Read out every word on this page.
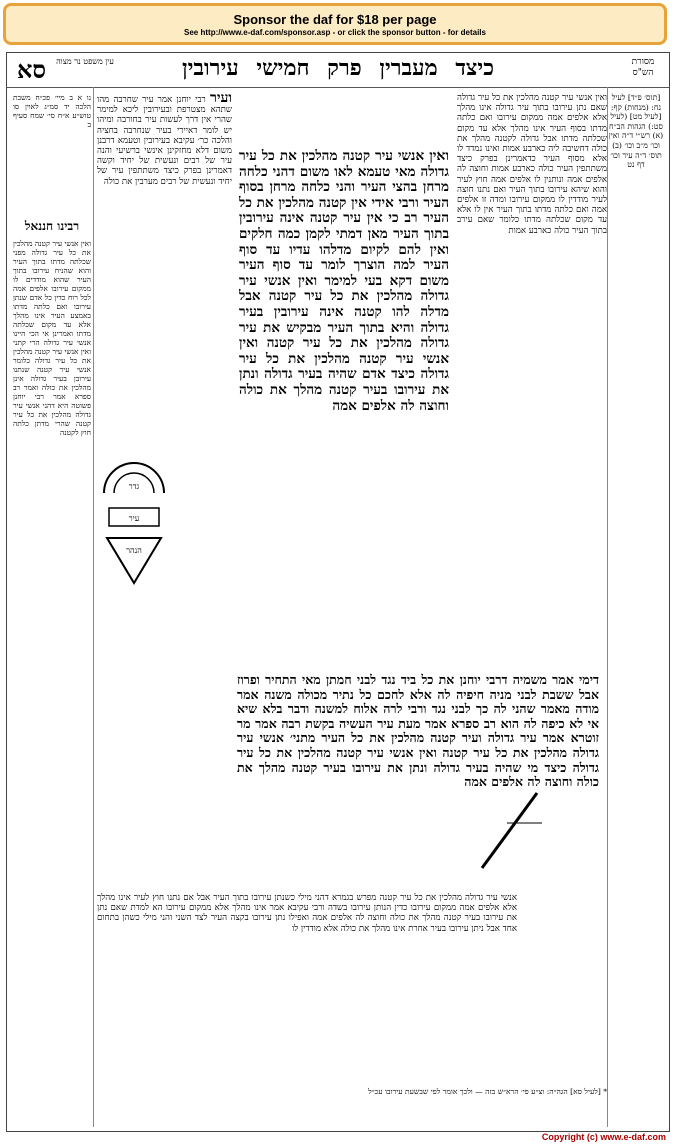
Sponsor the daf for $18 per page
See http://www.e-daf.com/sponsor.asp - or click the sponsor button - for details
סא	כיצד מעברין פרק חמישי עירובין	מסורת הש"ס
עין משפט נר מצוה
[תוס׳ פ״ד] לעיל נח: (מנחות) קף: [לעיל מט] (לעיל סט:) הגהות הב״ח (א) רש״י ד״ה ואין וכו׳ מ״ב וכו׳ (ב) תוס׳ ד״ה עיר וכו׳ דף נט
ואין אנשי עיר קטנה מהלכין את כל עיר גדולה שאם נתן עירובו בתוך עיר גדולה אינו מהלך אלא אלפים אמה ממקום עירובו ואם כלתה מדתו בסוף העיר אינו מהלך אלא עד מקום שכלתה מדתו אבל גדולה לקטנה מהלך את כולה דחשיבה ליה כארבע אמות ואינו נמדד לו אלא מסוף העיר כדאמרינן בפרק כיצד משתתפין העיר כולה כארבע אמות וחוצה לה אלפים אמה ונותנין לו אלפים אמה חוץ לעיר והוא שיהא עירובו בתוך העיר ואם נתנו חוצה לעיר מודדין לו ממקום עירובו ומדה זו אלפים אמה ואם כלתה מדתו בתוך העיר אין לו אלא עד מקום שכלתה מדתו כלומר שאם עירב בתוך העיר כולה כארבע אמות
ואין אנשי עיר קטנה מהלכין את כל עיר גדולה מאי טעמא לאו משום דהני כלחה מרחן בהצי העיר והני כלחה מרחן בסוף העיר ורבי אידי אין קטנה מהלכין את כל העיר רב כי אין עיר קטנה אינה עירובין בתוך העיר מאן דמתי לקמן כמה חלקים ואין להם לקיום מדלהו עדיו עד סוף העיר למה הוצרך לומר עד סוף העיר משום דקא בעי למימר ואין אנשי עיר גדולה מהלכין את כל עיר קטנה אבל מדלה להו קטנה אינה עירובין בעיר גדולה והיא בתוך העיר מבקיש את עיר גדולה מהלכין את כל עיר קטנה ואין אנשי עיר קטנה מהלכין את כל עיר גדולה כיצד אדם שהיה בעיר גדולה ונתן את עירובו בעיר קטנה מהלך את כולה וחוצה לה אלפים אמה
ועיר רבי יוחנן אמר עיר שחרבה מהו שתהא מצטרפת ובעירובין ליכא למימר שהרי אין דרך לעשות עיר בחורבה ומיהו יש לומר דאיירי בעיר שנחרבה בחציה והלכה כר׳ עקיבא בעירובין וטעמא דרבנן משום דלא מחזקינן אינשי ברשיעי והנה עיר של רבים ונעשית של יחיד וקשה דאמרינן בפרק כיצד משתתפין עיר של יחיד ונעשית של רבים מערבין את כולה
גדר
עיר
הנהר
דימי אמר משמיה דרבי יוחנן את כל ביד נגד לבני חמתן מאי התחיר ופרוז אבל ששבת לבני מניה חיפיה לה אלא לחכם כל נתיר מכולה משנה אמר מודה מאמר שהני לה כך לבני נגד ורבי לרה אלוח למשנה ודבר בלא שיא אי לא כיפה לה הוא רב ספרא אמר מעת עיר העשיה בקשת רבה אמר מר זוטרא אמר עיר גדולה ועיר קטנה מהלכין את כל העיר מתני׳ אנשי עיר גדולה מהלכין את כל עיר קטנה ואין אנשי עיר קטנה מהלכין את כל עיר גדולה כיצד מי שהיה בעיר גדולה ונתן את עירובו בעיר קטנה מהלך את כולה וחוצה לה אלפים אמה
אנשי עיר גדולה מהלכין את כל עיר קטנה מפרש בגמרא דהני מילי כשנתן עירובו בתוך העיר אבל אם נתנו חוץ לעיר אינו מהלך אלא אלפים אמה ממקום עירובו כדין הנותן עירובו בשדה ורבי עקיבא אמר אינו מהלך אלא ממקום עירובו הא למדת שאם נתן את עירובו בעיר קטנה מהלך את כולה וחוצה לה אלפים אמה ואפילו נתן עירובו בקצה העיר לצד השני והני מילי כשהן בתחום אחד אבל ניתן עירובו בעיר אחרת אינו מהלך את כולה אלא מודדין לו
נו א ב מיי׳ פכ״ח משבת הלכה יד סמ״ג לאוין סו טוש״ע א״ח סי׳ שמח סעיף ב
רבינו חננאל
ואין אנשי עיר קטנה מהלכין את כל עיר גדולה מפני שכלתה מדתו בתוך העיר והוא שהניח עירובו בתוך העיר שהוא מודדים לו ממקום עירובו אלפים אמה לכל רוח כדין כל אדם שנתן עירובו ואם כלתה מדתו באמצע העיר אינו מהלך אלא עד מקום שכלתה מדתו ואמרינן אי הכי היינו אנשי עיר גדולה הרי קתני ואין אנשי עיר קטנה מהלכין את כל עיר גדולה כלומר אנשי עיר קטנה שנתנו עירובן בעיר גדולה אינן מהלכין את כולה ואמר רב ספרא אמר רבי יוחנן פשוטה היא דהני אנשי עיר גדולה מהלכין את כל עיר קטנה שהרי מדתן כלתה חוץ לקטנה
* [לעיל סא] הגה״ה: וצ״ע פי׳ הרא״ש בזה — ולכך אומר לפי שבשעת עירובו עכ״ל
Copyright (c) www.e-daf.com
